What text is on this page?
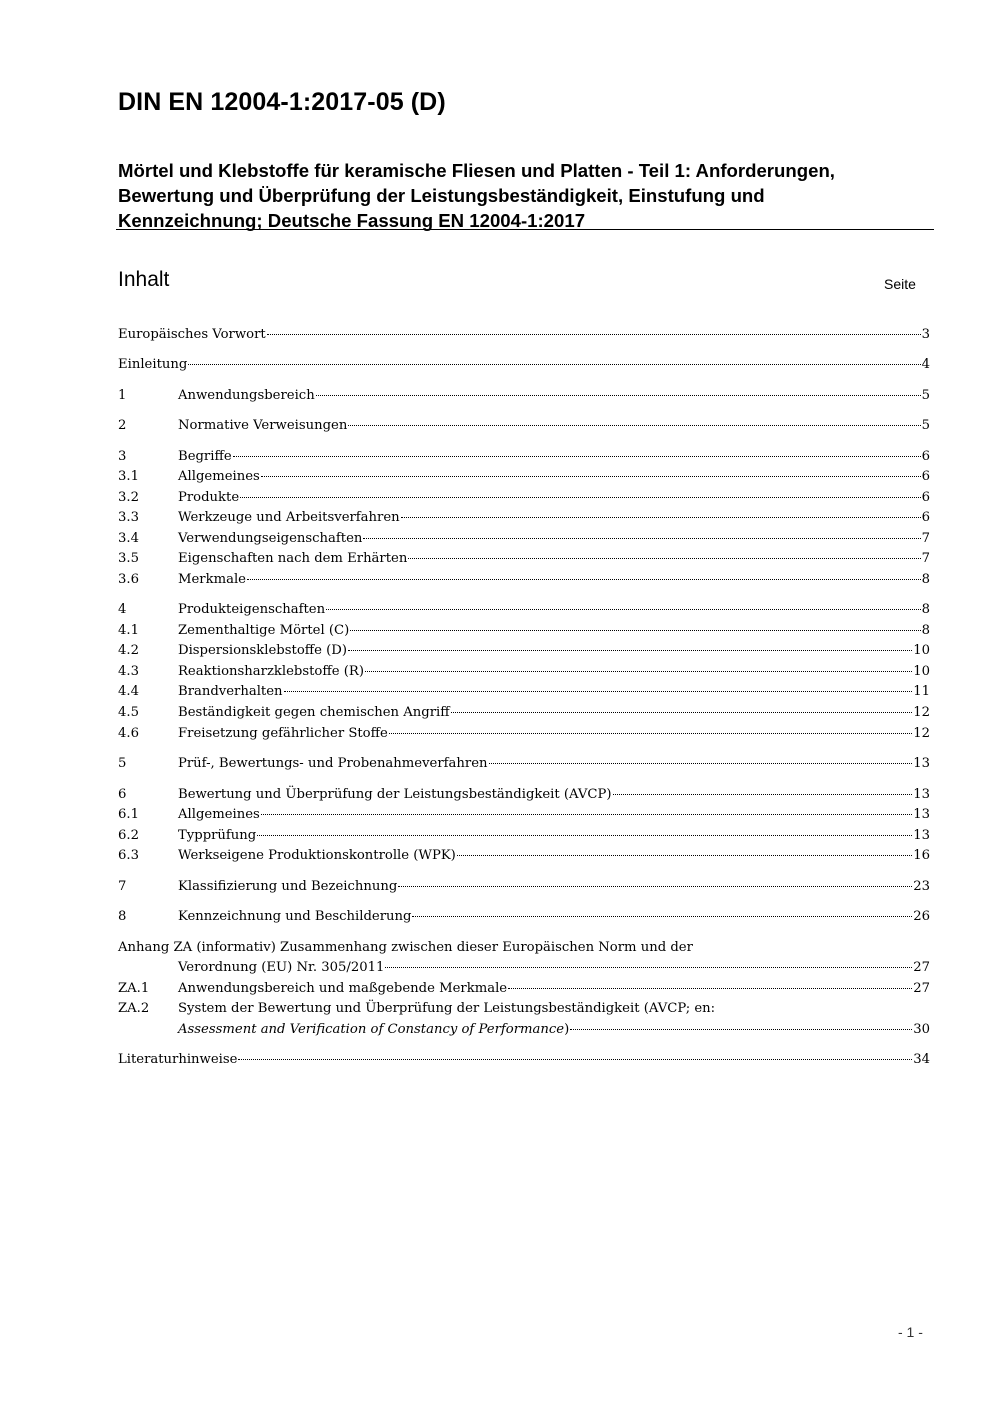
DIN EN 12004-1:2017-05 (D)
Mörtel und Klebstoffe für keramische Fliesen und Platten - Teil 1: Anforderungen,
Bewertung und Überprüfung der Leistungsbeständigkeit, Einstufung und
Kennzeichnung; Deutsche Fassung EN 12004-1:2017
Inhalt	Seite
Europäisches Vorwort	3
Einleitung	4
1	Anwendungsbereich	5
2	Normative Verweisungen	5
3	Begriffe	6
3.1	Allgemeines	6
3.2	Produkte	6
3.3	Werkzeuge und Arbeitsverfahren	6
3.4	Verwendungseigenschaften	7
3.5	Eigenschaften nach dem Erhärten	7
3.6	Merkmale	8
4	Produkteigenschaften	8
4.1	Zementhaltige Mörtel (C)	8
4.2	Dispersionsklebstoffe (D)	10
4.3	Reaktionsharzklebstoffe (R)	10
4.4	Brandverhalten	11
4.5	Beständigkeit gegen chemischen Angriff	12
4.6	Freisetzung gefährlicher Stoffe	12
5	Prüf-, Bewertungs- und Probenahmeverfahren	13
6	Bewertung und Überprüfung der Leistungsbeständigkeit (AVCP)	13
6.1	Allgemeines	13
6.2	Typprüfung	13
6.3	Werkseigene Produktionskontrolle (WPK)	16
7	Klassifizierung und Bezeichnung	23
8	Kennzeichnung und Beschilderung	26
Anhang ZA (informativ) Zusammenhang zwischen dieser Europäischen Norm und der
Verordnung (EU) Nr. 305/2011	27
ZA.1	Anwendungsbereich und maßgebende Merkmale	27
ZA.2	System der Bewertung und Überprüfung der Leistungsbeständigkeit (AVCP; en:
Assessment and Verification of Constancy of Performance)	30
Literaturhinweise	34
- 1 -
